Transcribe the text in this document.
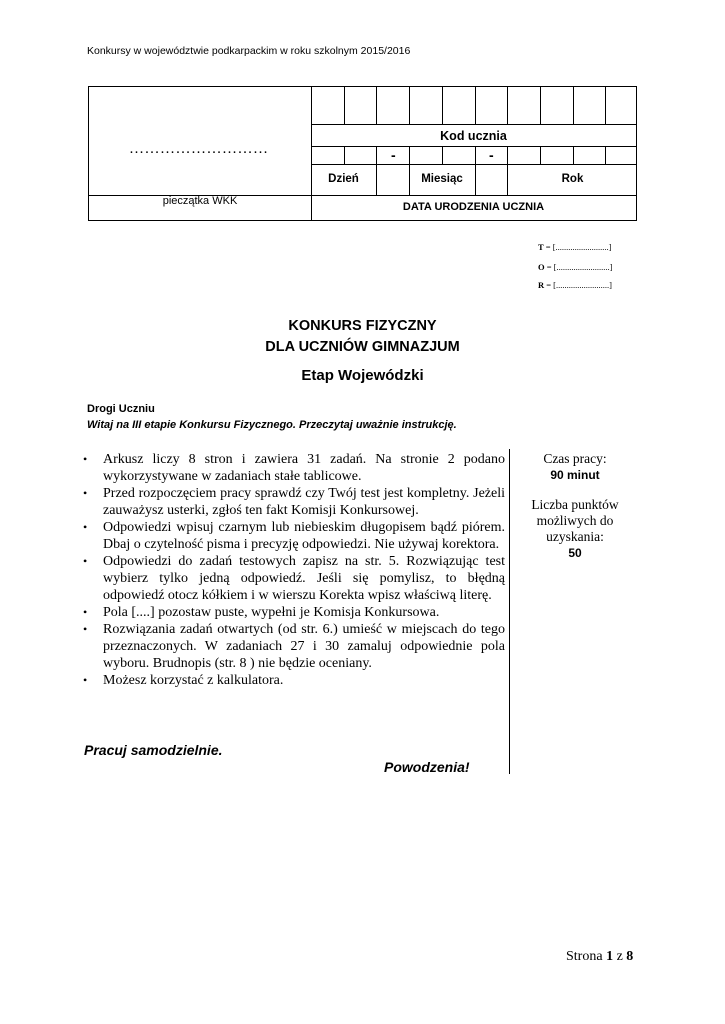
Konkursy w województwie podkarpackim w roku szkolnym 2015/2016
………………………
pieczątka WKK
Kod ucznia
-	-
Dzień	Miesiąc	Rok
DATA URODZENIA UCZNIA
T = [.........................]
O = [.........................]
R = [.........................]
KONKURS FIZYCZNY
DLA UCZNIÓW GIMNAZJUM
Etap Wojewódzki
Drogi Uczniu
Witaj na III etapie Konkursu Fizycznego. Przeczytaj uważnie instrukcję.
• Arkusz liczy 8 stron i zawiera 31 zadań. Na stronie 2 podano wykorzystywane w zadaniach stałe tablicowe.
• Przed rozpoczęciem pracy sprawdź czy Twój test jest kompletny. Jeżeli zauważysz usterki, zgłoś ten fakt Komisji Konkursowej.
• Odpowiedzi wpisuj czarnym lub niebieskim długopisem bądź piórem. Dbaj o czytelność pisma i precyzję odpowiedzi. Nie używaj korektora.
• Odpowiedzi do zadań testowych zapisz na str. 5. Rozwiązując test wybierz tylko jedną odpowiedź. Jeśli się pomylisz, to błędną odpowiedź otocz kółkiem i w wierszu Korekta wpisz właściwą literę.
• Pola [....] pozostaw puste, wypełni je Komisja Konkursowa.
• Rozwiązania zadań otwartych (od str. 6.) umieść w miejscach do tego przeznaczonych. W zadaniach 27 i 30 zamaluj odpowiednie pola wyboru. Brudnopis (str. 8 ) nie będzie oceniany.
• Możesz korzystać z kalkulatora.
Czas pracy:
90 minut
Liczba punktów
możliwych do
uzyskania:
50
Pracuj samodzielnie.
Powodzenia!
Strona 1 z 8
